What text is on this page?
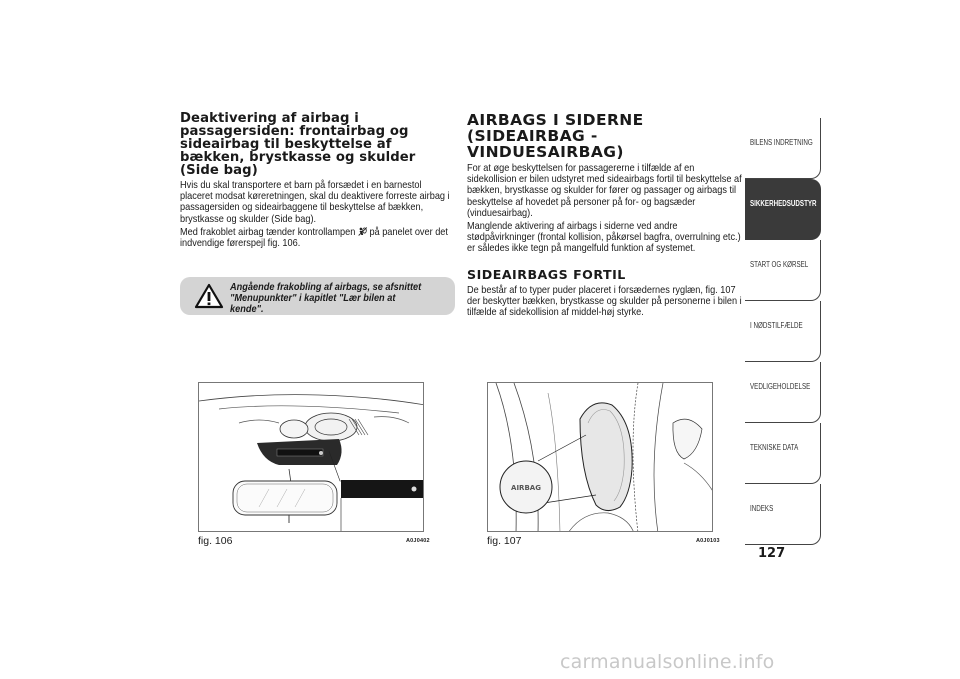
Deaktivering af airbag i
passagersiden: frontairbag og
sideairbag til beskyttelse af
bækken, brystkasse og skulder
(Side bag)

Hvis du skal transportere et barn på forsædet i en barnestol placeret modsat køreretningen, skal du deaktivere forreste airbag i passagersiden og sideairbaggene til beskyttelse af bækken, brystkasse og skulder (Side bag).

Med frakoblet airbag tænder kontrollampen på panelet over det indvendige førerspejl fig. 106.

Angående frakobling af airbags, se afsnittet
"Menupunkter" i kapitlet "Lær bilen at kende".
AIRBAGS I SIDERNE
(SIDEAIRBAG -
VINDUESAIRBAG)

For at øge beskyttelsen for passagererne i tilfælde af en sidekollision er bilen udstyret med sideairbags fortil til beskyttelse af bækken, brystkasse og skulder for fører og passager og airbags til beskyttelse af hovedet på personer på for- og bagsæder (vinduesairbag).

Manglende aktivering af airbags i siderne ved andre stødpåvirkninger (frontal kollision, påkørsel bagfra, overrulning etc.) er således ikke tegn på mangelfuld funktion af systemet.

SIDEAIRBAGS FORTIL

De består af to typer puder placeret i forsædernes ryglæn, fig. 107 der beskytter bækken, brystkasse og skulder på personerne i bilen i tilfælde af sidekollision af middel-høj styrke.

fig. 106	A0J0402
AIRBAG
fig. 107	A0J0103
BILENS INDRETNING
SIKKERHEDSUDSTYR
START OG KØRSEL
I NØDSTILFÆLDE
VEDLIGEHOLDELSE
TEKNISKE DATA
INDEKS
127
carmanualsonline.info
